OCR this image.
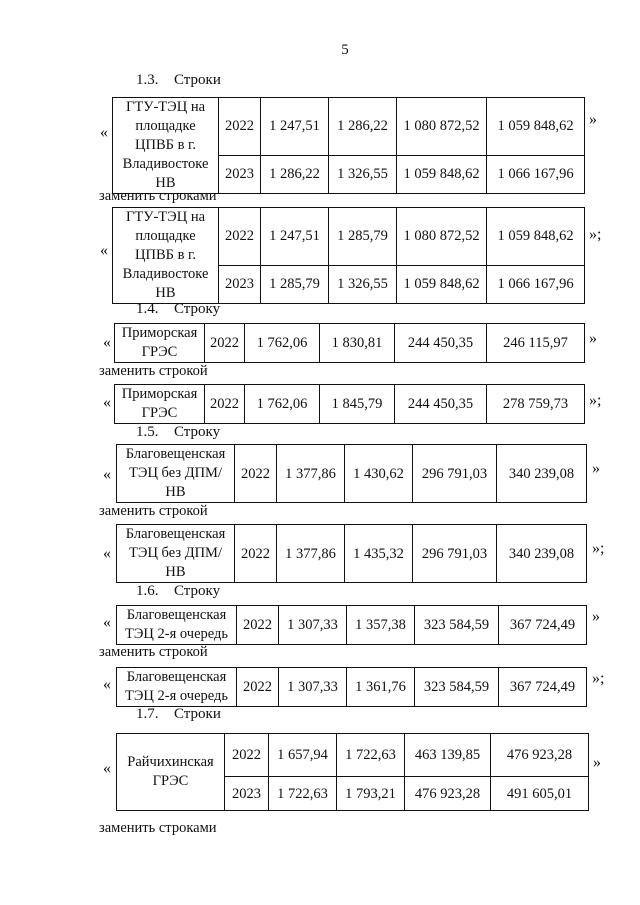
5
1.3. Строки
«
ГТУ-ТЭЦ на площадке ЦПВБ в г.	2022	1 247,51	1 286,22	1 080 872,52	1 059 848,62
Владивостоке НВ	2023	1 286,22	1 326,55	1 059 848,62	1 066 167,96
»
заменить строками
«
ГТУ-ТЭЦ на площадке ЦПВБ в г.	2022	1 247,51	1 285,79	1 080 872,52	1 059 848,62
Владивостоке НВ	2023	1 285,79	1 326,55	1 059 848,62	1 066 167,96
»;
1.4. Строку
«
Приморская ГРЭС	2022	1 762,06	1 830,81	244 450,35	246 115,97 »
заменить строкой
« Приморская ГРЭС	2022	1 762,06	1 845,79	244 450,35	278 759,73 »;
1.5. Строку
«
Благовещенская ТЭЦ без ДПМ/НВ	2022	1 377,86	1 430,62	296 791,03	340 239,08 »
заменить строкой
«
Благовещенская ТЭЦ без ДПМ/НВ	2022	1 377,86	1 435,32	296 791,03	340 239,08 »;
1.6. Строку
« Благовещенская ТЭЦ 2-я очередь	2022	1 307,33	1 357,38	323 584,59	367 724,49 »
заменить строкой
« Благовещенская ТЭЦ 2-я очередь	2022	1 307,33	1 361,76	323 584,59	367 724,49 »;
1.7. Строки
« Райчихинская ГРЭС	2022	1 657,94	1 722,63	463 139,85	476 923,28
	2023	1 722,63	1 793,21	476 923,28	491 605,01
»
заменить строками
